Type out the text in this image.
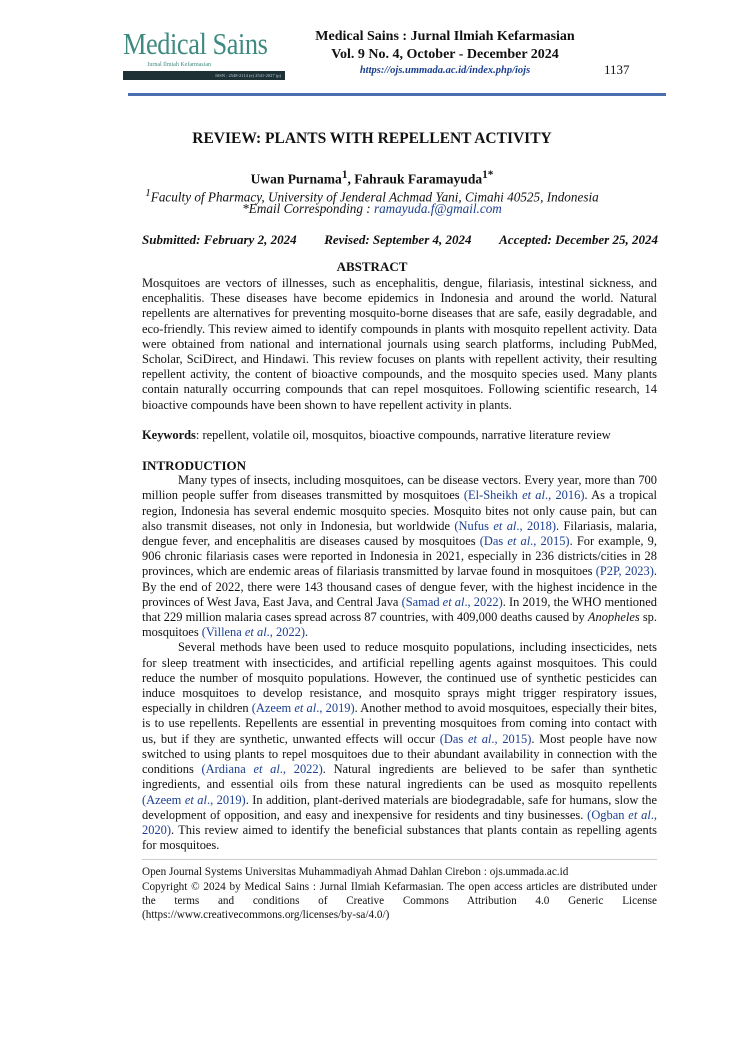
Medical Sains
Jurnal Ilmiah Kefarmasian
ISSN : 2548-2114 (e) 2541-2027 (p)
Medical Sains : Jurnal Ilmiah Kefarmasian
Vol. 9 No. 4, October - December 2024
https://ojs.ummada.ac.id/index.php/iojs	1137
REVIEW: PLANTS WITH REPELLENT ACTIVITY
Uwan Purnama$^1$, Fahrauk Faramayuda$^{1*}$
$^1$Faculty of Pharmacy, University of Jenderal Achmad Yani, Cimahi 40525, Indonesia
*Email Corresponding : ramayuda.f@gmail.com
Submitted: February 2, 2024 Revised: September 4, 2024 Accepted: December 25, 2024
ABSTRACT

Mosquitoes are vectors of illnesses, such as encephalitis, dengue, filariasis, intestinal sickness, and encephalitis. These diseases have become epidemics in Indonesia and around the world. Natural repellents are alternatives for preventing mosquito-borne diseases that are safe, easily degradable, and eco-friendly. This review aimed to identify compounds in plants with mosquito repellent activity. Data were obtained from national and international journals using search platforms, including PubMed, Scholar, SciDirect, and Hindawi. This review focuses on plants with repellent activity, their resulting repellent activity, the content of bioactive compounds, and the mosquito species used. Many plants contain naturally occurring compounds that can repel mosquitoes. Following scientific research, 14 bioactive compounds have been shown to have repellent activity in plants.

Keywords: repellent, volatile oil, mosquitos, bioactive compounds, narrative literature review

INTRODUCTION

Many types of insects, including mosquitoes, can be disease vectors. Every year, more than 700 million people suffer from diseases transmitted by mosquitoes (El-Sheikh et al., 2016). As a tropical region, Indonesia has several endemic mosquito species. Mosquito bites not only cause pain, but can also transmit diseases, not only in Indonesia, but worldwide (Nufus et al., 2018). Filariasis, malaria, dengue fever, and encephalitis are diseases caused by mosquitoes (Das et al., 2015). For example, 9, 906 chronic filariasis cases were reported in Indonesia in 2021, especially in 236 districts/cities in 28 provinces, which are endemic areas of filariasis transmitted by larvae found in mosquitoes (P2P, 2023). By the end of 2022, there were 143 thousand cases of dengue fever, with the highest incidence in the provinces of West Java, East Java, and Central Java (Samad et al., 2022). In 2019, the WHO mentioned that 229 million malaria cases spread across 87 countries, with 409,000 deaths caused by Anopheles sp. mosquitoes (Villena et al., 2022).

Several methods have been used to reduce mosquito populations, including insecticides, nets for sleep treatment with insecticides, and artificial repelling agents against mosquitoes. This could reduce the number of mosquito populations. However, the continued use of synthetic pesticides can induce mosquitoes to develop resistance, and mosquito sprays might trigger respiratory issues, especially in children (Azeem et al., 2019). Another method to avoid mosquitoes, especially their bites, is to use repellents. Repellents are essential in preventing mosquitoes from coming into contact with us, but if they are synthetic, unwanted effects will occur (Das et al., 2015). Most people have now switched to using plants to repel mosquitoes due to their abundant availability in connection with the conditions (Ardiana et al., 2022). Natural ingredients are believed to be safer than synthetic ingredients, and essential oils from these natural ingredients can be used as mosquito repellents (Azeem et al., 2019). In addition, plant-derived materials are biodegradable, safe for humans, slow the development of opposition, and easy and inexpensive for residents and tiny businesses. (Ogban et al., 2020). This review aimed to identify the beneficial substances that plants contain as repelling agents for mosquitoes.

Open Journal Systems Universitas Muhammadiyah Ahmad Dahlan Cirebon : ojs.ummada.ac.id
Copyright © 2024 by Medical Sains : Jurnal Ilmiah Kefarmasian. The open access articles are distributed under the terms and conditions of Creative Commons Attribution 4.0 Generic License (https://www.creativecommons.org/licenses/by-sa/4.0/)
